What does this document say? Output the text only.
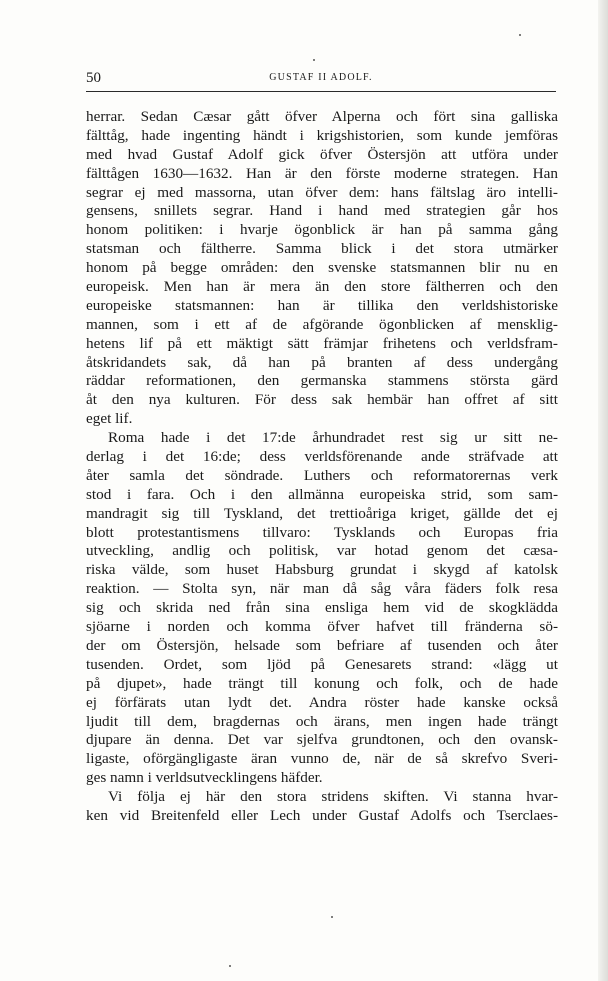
50	GUSTAF II ADOLF.
herrar. Sedan Cæsar gått öfver Alperna och fört sina galliska
fälttåg, hade ingenting händt i krigshistorien, som kunde jemföras
med hvad Gustaf Adolf gick öfver Östersjön att utföra under
fälttågen 1630—1632. Han är den förste moderne strategen. Han
segrar ej med massorna, utan öfver dem: hans fältslag äro intelli-
gensens, snillets segrar. Hand i hand med strategien går hos
honom politiken: i hvarje ögonblick är han på samma gång
statsman och fältherre. Samma blick i det stora utmärker
honom på begge områden: den svenske statsmannen blir nu en
europeisk. Men han är mera än den store fältherren och den
europeiske statsmannen: han är tillika den verldshistoriske
mannen, som i ett af de afgörande ögonblicken af mensklig-
hetens lif på ett mäktigt sätt främjar frihetens och verldsfram-
åtskridandets sak, då han på branten af dess undergång
räddar reformationen, den germanska stammens största gärd
åt den nya kulturen. För dess sak hembär han offret af sitt
eget lif.
Roma hade i det 17:de århundradet rest sig ur sitt ne-
derlag i det 16:de; dess verldsförenande ande sträfvade att
åter samla det söndrade. Luthers och reformatorernas verk
stod i fara. Och i den allmänna europeiska strid, som sam-
mandragit sig till Tyskland, det trettioåriga kriget, gällde det ej
blott protestantismens tillvaro: Tysklands och Europas fria
utveckling, andlig och politisk, var hotad genom det cæsa-
riska välde, som huset Habsburg grundat i skygd af katolsk
reaktion. — Stolta syn, när man då såg våra fäders folk resa
sig och skrida ned från sina ensliga hem vid de skogklädda
sjöarne i norden och komma öfver hafvet till fränderna sö-
der om Östersjön, helsade som befriare af tusenden och åter
tusenden. Ordet, som ljöd på Genesarets strand: «lägg ut
på djupet», hade trängt till konung och folk, och de hade
ej förfärats utan lydt det. Andra röster hade kanske också
ljudit till dem, bragdernas och ärans, men ingen hade trängt
djupare än denna. Det var sjelfva grundtonen, och den ovansk-
ligaste, oförgängligaste äran vunno de, när de så skrefvo Sveri-
ges namn i verldsutvecklingens häfder.
Vi följa ej här den stora stridens skiften. Vi stanna hvar-
ken vid Breitenfeld eller Lech under Gustaf Adolfs och Tserclaes-
